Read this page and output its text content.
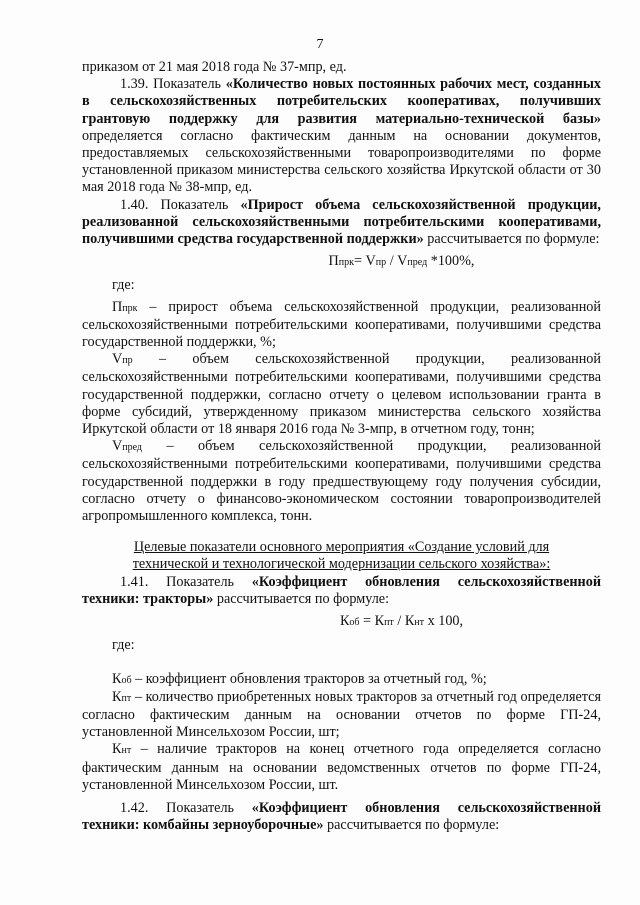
7

приказом от 21 мая 2018 года № 37-мпр, ед.

1.39. Показатель «Количество новых постоянных рабочих мест, созданных в сельскохозяйственных потребительских кооперативах, получивших грантовую поддержку для развития материально-технической базы» определяется согласно фактическим данным на основании документов, предоставляемых сельскохозяйственными товаропроизводителями по форме установленной приказом министерства сельского хозяйства Иркутской области от 30 мая 2018 года № 38-мпр, ед.

1.40. Показатель «Прирост объема сельскохозяйственной продукции, реализованной сельскохозяйственными потребительскими кооперативами, получившими средства государственной поддержки» рассчитывается по формуле:

Ппрк= Vпр / Vпред *100%,

где:

Ппрк – прирост объема сельскохозяйственной продукции, реализованной сельскохозяйственными потребительскими кооперативами, получившими средства государственной поддержки, %;

Vпр – объем сельскохозяйственной продукции, реализованной сельскохозяйственными потребительскими кооперативами, получившими средства государственной поддержки, согласно отчету о целевом использовании гранта в форме субсидий, утвержденному приказом министерства сельского хозяйства Иркутской области от 18 января 2016 года № 3-мпр, в отчетном году, тонн;

Vпред – объем сельскохозяйственной продукции, реализованной сельскохозяйственными потребительскими кооперативами, получившими средства государственной поддержки в году предшествующему году получения субсидии, согласно отчету о финансово-экономическом состоянии товаропроизводителей агропромышленного комплекса, тонн.

Целевые показатели основного мероприятия «Создание условий для технической и технологической модернизации сельского хозяйства»:

1.41. Показатель «Коэффициент обновления сельскохозяйственной техники: тракторы» рассчитывается по формуле:

Коб = Кпт / Кнт х 100,

где:

Коб – коэффициент обновления тракторов за отчетный год, %;

Кпт – количество приобретенных новых тракторов за отчетный год определяется согласно фактическим данным на основании отчетов по форме ГП-24, установленной Минсельхозом России, шт;

Кнт – наличие тракторов на конец отчетного года определяется согласно фактическим данным на основании ведомственных отчетов по форме ГП-24, установленной Минсельхозом России, шт.

1.42. Показатель «Коэффициент обновления сельскохозяйственной техники: комбайны зерноуборочные» рассчитывается по формуле:
